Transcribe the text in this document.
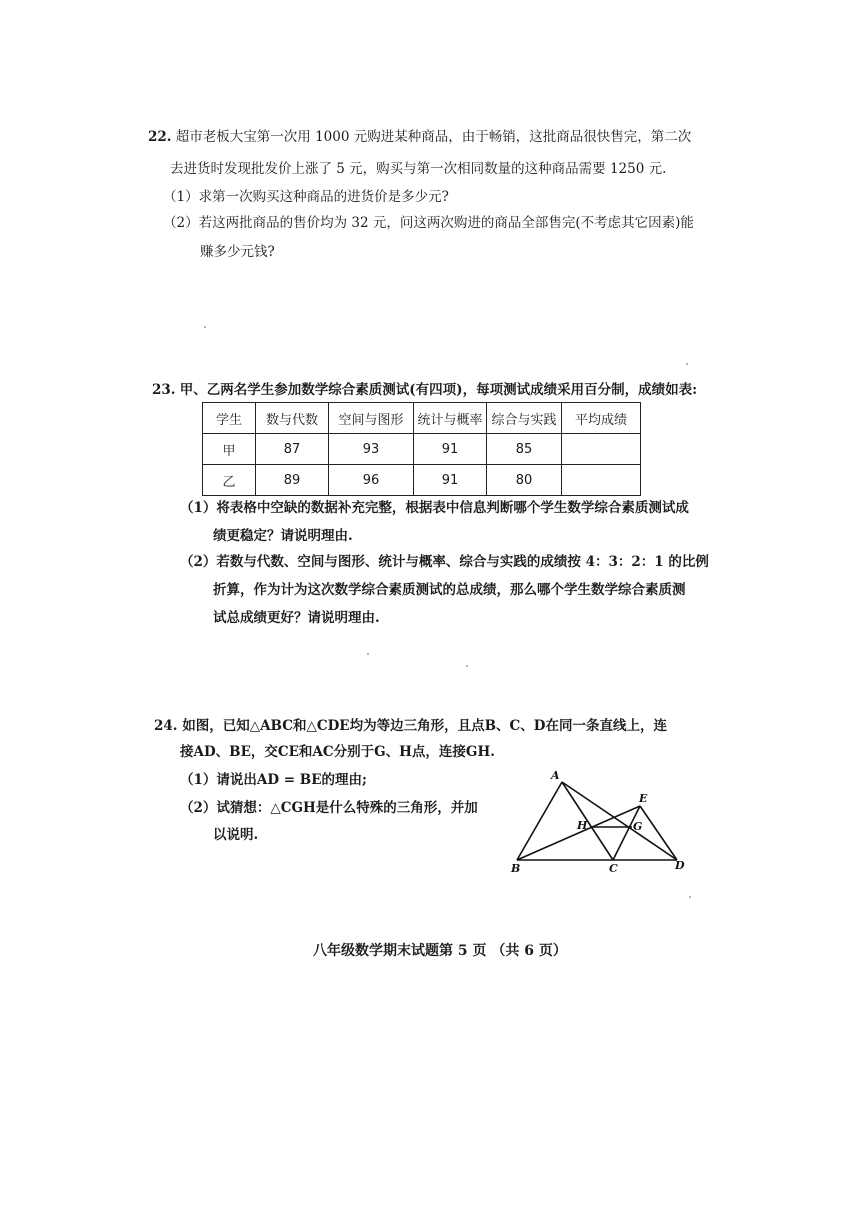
22. 超市老板大宝第一次用 1000 元购进某种商品，由于畅销，这批商品很快售完，第二次
去进货时发现批发价上涨了 5 元，购买与第一次相同数量的这种商品需要 1250 元.
（1）求第一次购买这种商品的进货价是多少元?
（2）若这两批商品的售价均为 32 元，问这两次购进的商品全部售完(不考虑其它因素)能
赚多少元钱?
23. 甲、乙两名学生参加数学综合素质测试(有四项)，每项测试成绩采用百分制，成绩如表:
学生	数与代数	空间与图形	统计与概率	综合与实践	平均成绩
甲	87	93	91	85	
乙	89	96	91	80	
（1）将表格中空缺的数据补充完整，根据表中信息判断哪个学生数学综合素质测试成
绩更稳定？请说明理由.
（2）若数与代数、空间与图形、统计与概率、综合与实践的成绩按 4：3：2：1 的比例
折算，作为计为这次数学综合素质测试的总成绩，那么哪个学生数学综合素质测
试总成绩更好？请说明理由.
24. 如图，已知△ABC和△CDE均为等边三角形，且点B、C、D在同一条直线上，连
接AD、BE，交CE和AC分别于G、H点，连接GH.
（1）请说出AD = BE的理由;
（2）试猜想：△CGH是什么特殊的三角形，并加
以说明.
A
B	C	D
E
G
H
八年级数学期末试题第 5 页 （共 6 页）
